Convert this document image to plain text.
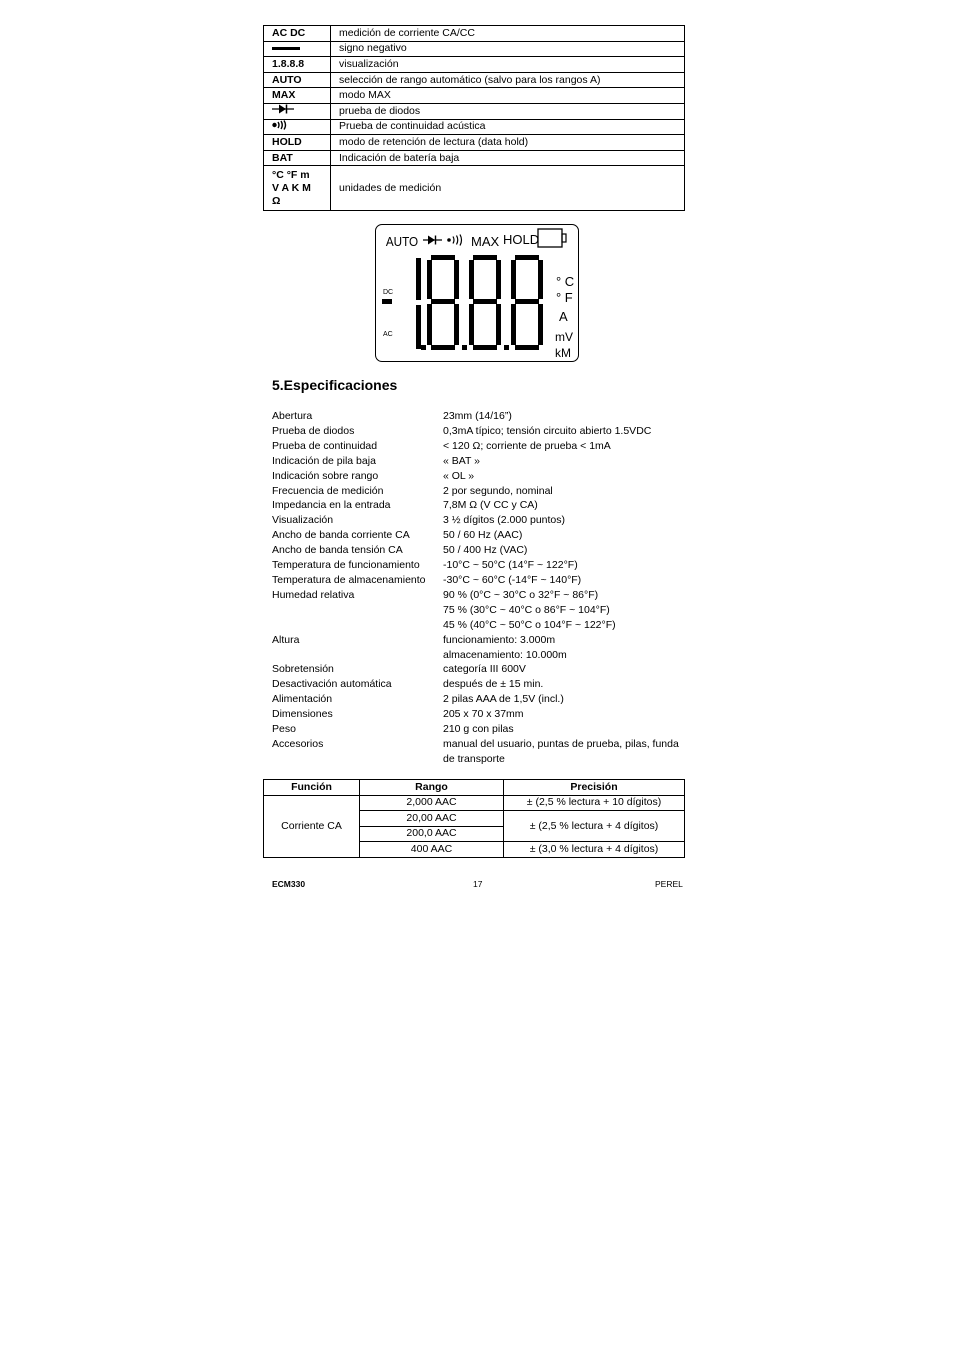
AC DC	medición de corriente CA/CC
	signo negativo
1.8.8.8	visualización
AUTO	selección de rango automático (salvo para los rangos A)
MAX	modo MAX
	prueba de diodos
	Prueba de continuidad acústica
HOLD	modo de retención de lectura (data hold)
BAT	Indicación de batería baja

°C °F m
V A K M
Ω	unidades de medición
AUTO	MAX HOLD
DC
AC
° C
° F
A
mV
kM
5.Especificaciones
Abertura	23mm (14/16”)
Prueba de diodos	0,3mA típico; tensión circuito abierto 1.5VDC
Prueba de continuidad	< 120 Ω; corriente de prueba < 1mA
Indicación de pila baja	« BAT »
Indicación sobre rango	« OL »
Frecuencia de medición	2 por segundo, nominal
Impedancia en la entrada	7,8M Ω (V CC y CA)
Visualización	3 ½ dígitos (2.000 puntos)
Ancho de banda corriente CA	50 / 60 Hz (AAC)
Ancho de banda tensión CA	50 / 400 Hz (VAC)
Temperatura de funcionamiento	-10°C ~ 50°C (14°F ~ 122°F)
Temperatura de almacenamiento	-30°C ~ 60°C (-14°F ~ 140°F)
Humedad relativa	90 % (0°C ~ 30°C o 32°F ~ 86°F)
75 % (30°C ~ 40°C o 86°F ~ 104°F)
45 % (40°C ~ 50°C o 104°F ~ 122°F)
Altura	funcionamiento: 3.000m
almacenamiento: 10.000m
Sobretensión	categoría III 600V
Desactivación automática	después de ± 15 min.
Alimentación	2 pilas AAA de 1,5V (incl.)
Dimensiones	205 x 70 x 37mm
Peso	210 g con pilas
Accesorios	manual del usuario, puntas de prueba, pilas, funda
de transporte
Función	Rango	Precisión
Corriente CA	2,000 AAC	± (2,5 % lectura + 10 dígitos)
	20,00 AAC	± (2,5 % lectura + 4 dígitos)
	200,0 AAC	
	400 AAC	± (3,0 % lectura + 4 dígitos)
ECM330	17	PEREL
